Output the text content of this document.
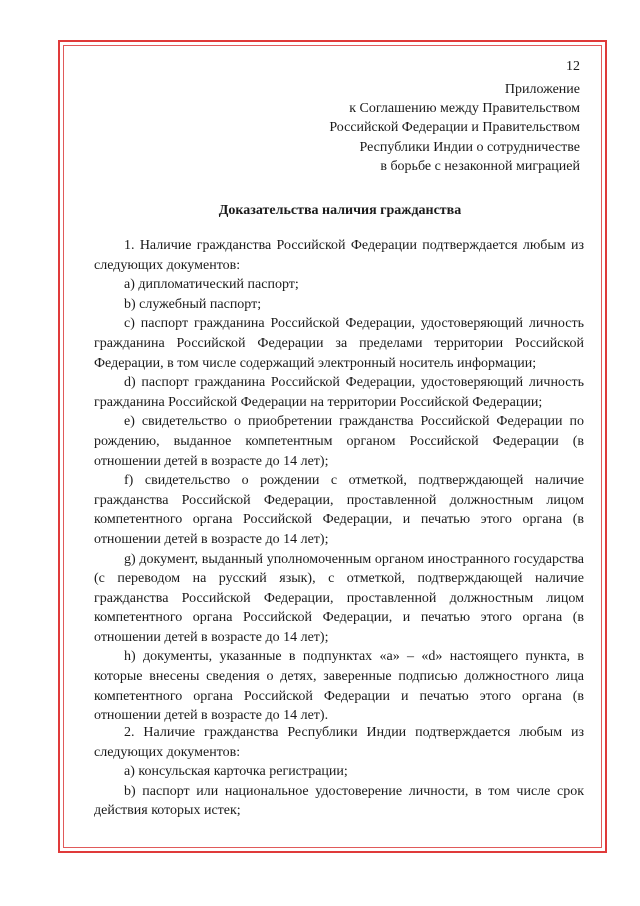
12
Приложение
к Соглашению между Правительством
Российской Федерации и Правительством
Республики Индии о сотрудничестве
в борьбе с незаконной миграцией
Доказательства наличия гражданства

1. Наличие гражданства Российской Федерации подтверждается любым из следующих документов:

а) дипломатический паспорт;

b) служебный паспорт;

c) паспорт гражданина Российской Федерации, удостоверяющий личность гражданина Российской Федерации за пределами территории Российской Федерации, в том числе содержащий электронный носитель информации;

d) паспорт гражданина Российской Федерации, удостоверяющий личность гражданина Российской Федерации на территории Российской Федерации;

e) свидетельство о приобретении гражданства Российской Федерации по рождению, выданное компетентным органом Российской Федерации (в отношении детей в возрасте до 14 лет);

f) свидетельство о рождении с отметкой, подтверждающей наличие гражданства Российской Федерации, проставленной должностным лицом компетентного органа Российской Федерации, и печатью этого органа (в отношении детей в возрасте до 14 лет);

g) документ, выданный уполномоченным органом иностранного государства (с переводом на русский язык), с отметкой, подтверждающей наличие гражданства Российской Федерации, проставленной должностным лицом компетентного органа Российской Федерации, и печатью этого органа (в отношении детей в возрасте до 14 лет);

h) документы, указанные в подпунктах «а» – «d» настоящего пункта, в которые внесены сведения о детях, заверенные подписью должностного лица компетентного органа Российской Федерации и печатью этого органа (в отношении детей в возрасте до 14 лет).

2. Наличие гражданства Республики Индии подтверждается любым из следующих документов:

а) консульская карточка регистрации;

b) паспорт или национальное удостоверение личности, в том числе срок действия которых истек;
